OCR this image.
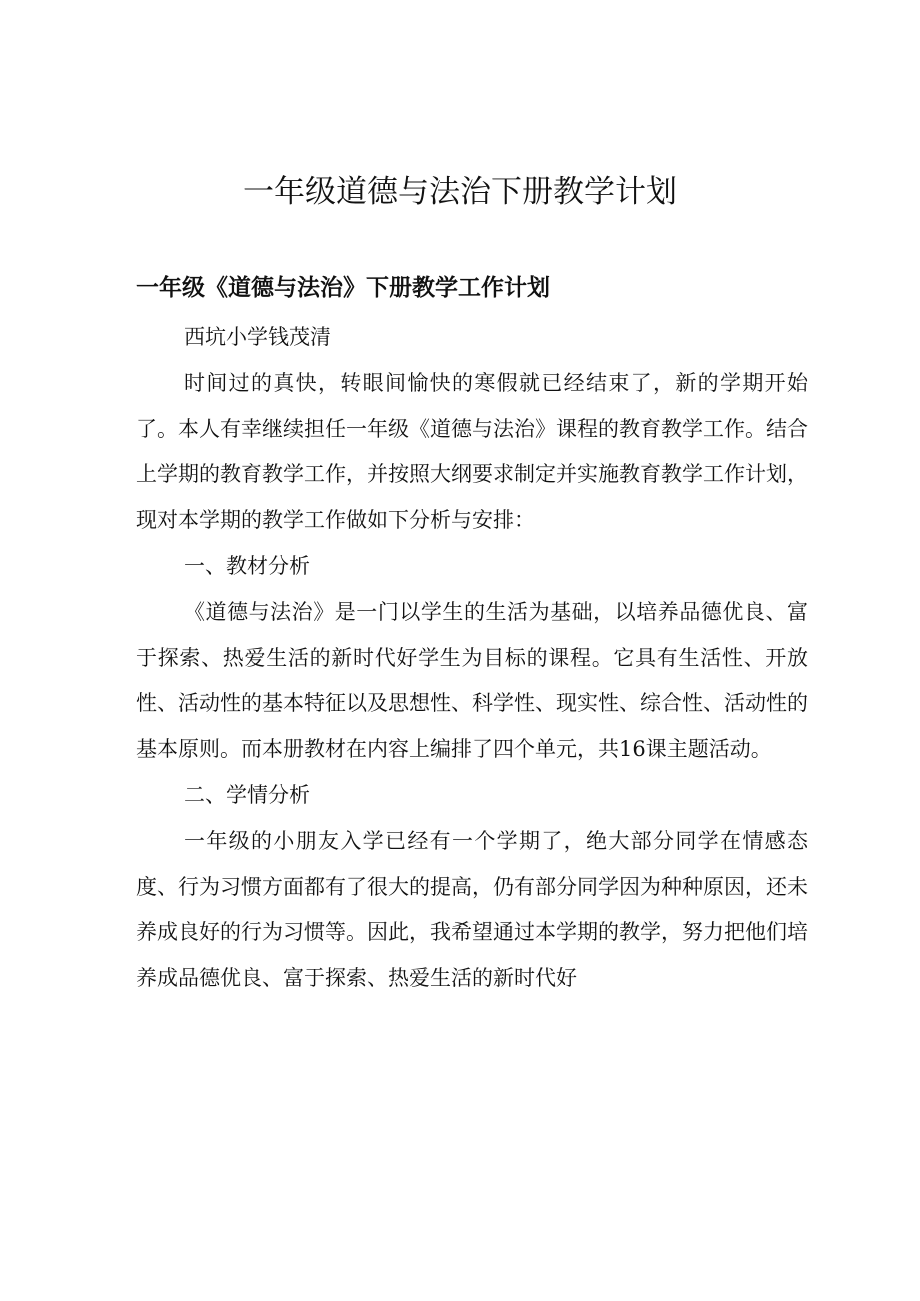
一年级道德与法治下册教学计划
一年级《道德与法治》下册教学工作计划

西坑小学钱茂清

时间过的真快，转眼间愉快的寒假就已经结束了，新的学期开始了。本人有幸继续担任一年级《道德与法治》课程的教育教学工作。结合上学期的教育教学工作，并按照大纲要求制定并实施教育教学工作计划，现对本学期的教学工作做如下分析与安排：

一、教材分析

《道德与法治》是一门以学生的生活为基础，以培养品德优良、富于探索、热爱生活的新时代好学生为目标的课程。它具有生活性、开放性、活动性的基本特征以及思想性、科学性、现实性、综合性、活动性的基本原则。而本册教材在内容上编排了四个单元，共16课主题活动。

二、学情分析

一年级的小朋友入学已经有一个学期了，绝大部分同学在情感态度、行为习惯方面都有了很大的提高，仍有部分同学因为种种原因，还未养成良好的行为习惯等。因此，我希望通过本学期的教学，努力把他们培养成品德优良、富于探索、热爱生活的新时代好
